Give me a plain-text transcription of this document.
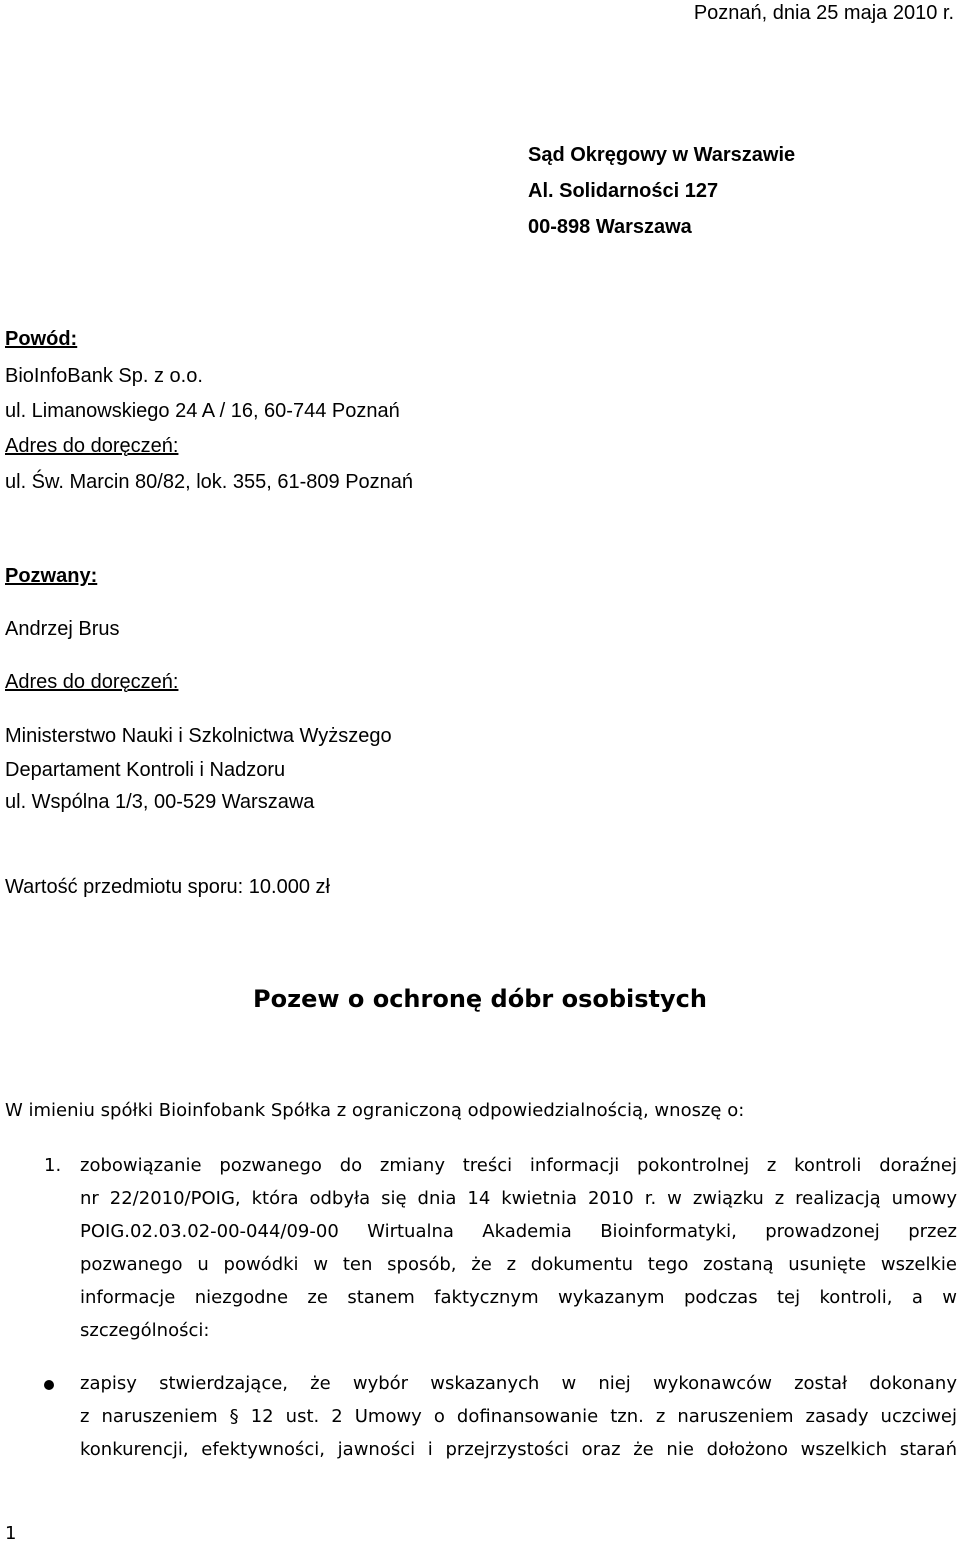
Poznań, dnia 25 maja 2010 r.
Sąd Okręgowy w Warszawie
Al. Solidarności 127
00-898 Warszawa
Powód:
BioInfoBank Sp. z o.o.
ul. Limanowskiego 24 A / 16, 60-744 Poznań
Adres do doręczeń:
ul. Św. Marcin 80/82, lok. 355, 61-809 Poznań
Pozwany:
Andrzej Brus
Adres do doręczeń:
Ministerstwo Nauki i Szkolnictwa Wyższego
Departament Kontroli i Nadzoru
ul. Wspólna 1/3, 00-529 Warszawa
Wartość przedmiotu sporu: 10.000 zł
Pozew o ochronę dóbr osobistych
W imieniu spółki Bioinfobank Spółka z ograniczoną odpowiedzialnością, wnoszę o:
1. zobowiązanie pozwanego do zmiany treści informacji pokontrolnej z kontroli doraźnej
nr 22/2010/POIG, która odbyła się dnia 14 kwietnia 2010 r. w związku z realizacją umowy
POIG.02.03.02-00-044/09-00 Wirtualna Akademia Bioinformatyki, prowadzonej przez
pozwanego u powódki w ten sposób, że z dokumentu tego zostaną usunięte wszelkie
informacje niezgodne ze stanem faktycznym wykazanym podczas tej kontroli, a w
szczególności:
zapisy stwierdzające, że wybór wskazanych w niej wykonawców został dokonany
z naruszeniem § 12 ust. 2 Umowy o dofinansowanie tzn. z naruszeniem zasady uczciwej
konkurencji, efektywności, jawności i przejrzystości oraz że nie dołożono wszelkich starań
1
